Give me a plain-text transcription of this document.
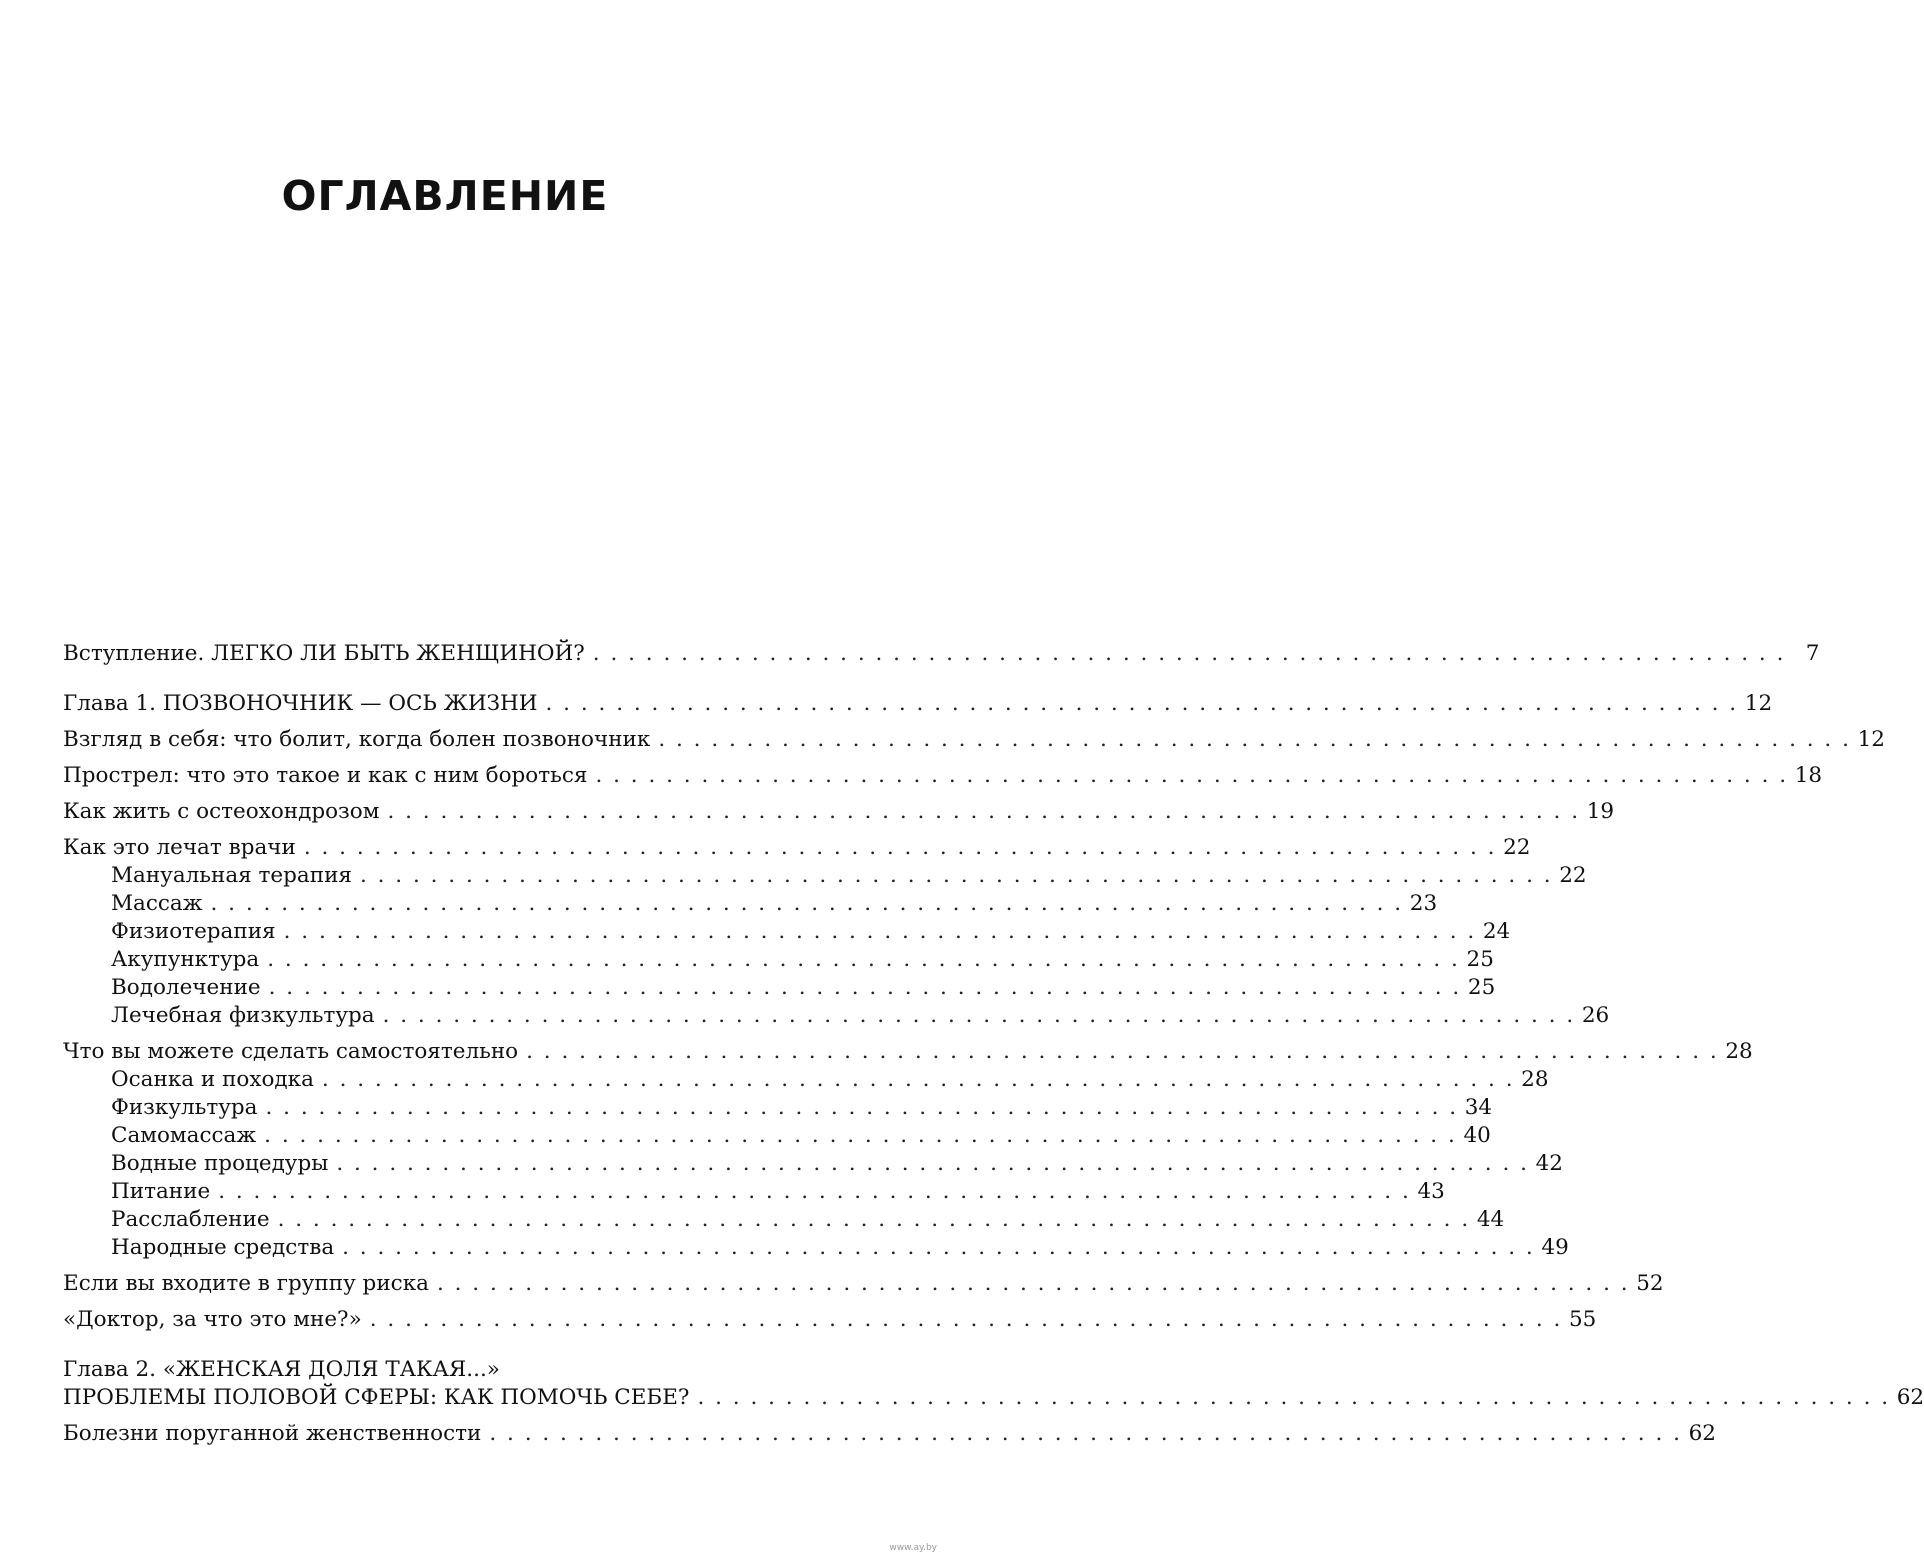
ОГЛАВЛЕНИЕ
Вступление. ЛЕГКО ЛИ БЫТЬ ЖЕНЩИНОЙ? . . . . . . . . . . . . . . . . . . . . . . . . . . . . . . . . . . . . . . . . . . . . . . . . . . . . . . . . . . . . . . . . . . . . 7
Глава 1. ПОЗВОНОЧНИК — ОСЬ ЖИЗНИ . . . . . . . . . . . . . . . . . . . . . . . . . . . . . . . . . . . . . . . . . . . . . . . . . . . . . . . . . . . . . . . . . . . . 12
Взгляд в себя: что болит, когда болен позвоночник . . . . . . . . . . . . . . . . . . . . . . . . . . . . . . . . . . . . . . . . . . . . . . . . . . . . . . . . . . . . . . . . . . . . 12
Прострел: что это такое и как с ним бороться . . . . . . . . . . . . . . . . . . . . . . . . . . . . . . . . . . . . . . . . . . . . . . . . . . . . . . . . . . . . . . . . . . . . 18
Как жить с остеохондрозом . . . . . . . . . . . . . . . . . . . . . . . . . . . . . . . . . . . . . . . . . . . . . . . . . . . . . . . . . . . . . . . . . . . . 19
Как это лечат врачи . . . . . . . . . . . . . . . . . . . . . . . . . . . . . . . . . . . . . . . . . . . . . . . . . . . . . . . . . . . . . . . . . . . . 22
Мануальная терапия . . . . . . . . . . . . . . . . . . . . . . . . . . . . . . . . . . . . . . . . . . . . . . . . . . . . . . . . . . . . . . . . . . . . 22
Массаж . . . . . . . . . . . . . . . . . . . . . . . . . . . . . . . . . . . . . . . . . . . . . . . . . . . . . . . . . . . . . . . . . . . . 23
Физиотерапия . . . . . . . . . . . . . . . . . . . . . . . . . . . . . . . . . . . . . . . . . . . . . . . . . . . . . . . . . . . . . . . . . . . . 24
Акупунктура . . . . . . . . . . . . . . . . . . . . . . . . . . . . . . . . . . . . . . . . . . . . . . . . . . . . . . . . . . . . . . . . . . . . 25
Водолечение . . . . . . . . . . . . . . . . . . . . . . . . . . . . . . . . . . . . . . . . . . . . . . . . . . . . . . . . . . . . . . . . . . . . 25
Лечебная физкультура . . . . . . . . . . . . . . . . . . . . . . . . . . . . . . . . . . . . . . . . . . . . . . . . . . . . . . . . . . . . . . . . . . . . 26
Что вы можете сделать самостоятельно . . . . . . . . . . . . . . . . . . . . . . . . . . . . . . . . . . . . . . . . . . . . . . . . . . . . . . . . . . . . . . . . . . . . 28
Осанка и походка . . . . . . . . . . . . . . . . . . . . . . . . . . . . . . . . . . . . . . . . . . . . . . . . . . . . . . . . . . . . . . . . . . . . 28
Физкультура . . . . . . . . . . . . . . . . . . . . . . . . . . . . . . . . . . . . . . . . . . . . . . . . . . . . . . . . . . . . . . . . . . . . 34
Самомассаж . . . . . . . . . . . . . . . . . . . . . . . . . . . . . . . . . . . . . . . . . . . . . . . . . . . . . . . . . . . . . . . . . . . . 40
Водные процедуры . . . . . . . . . . . . . . . . . . . . . . . . . . . . . . . . . . . . . . . . . . . . . . . . . . . . . . . . . . . . . . . . . . . . 42
Питание . . . . . . . . . . . . . . . . . . . . . . . . . . . . . . . . . . . . . . . . . . . . . . . . . . . . . . . . . . . . . . . . . . . . 43
Расслабление . . . . . . . . . . . . . . . . . . . . . . . . . . . . . . . . . . . . . . . . . . . . . . . . . . . . . . . . . . . . . . . . . . . . 44
Народные средства . . . . . . . . . . . . . . . . . . . . . . . . . . . . . . . . . . . . . . . . . . . . . . . . . . . . . . . . . . . . . . . . . . . . 49
Если вы входите в группу риска . . . . . . . . . . . . . . . . . . . . . . . . . . . . . . . . . . . . . . . . . . . . . . . . . . . . . . . . . . . . . . . . . . . . 52
«Доктор, за что это мне?» . . . . . . . . . . . . . . . . . . . . . . . . . . . . . . . . . . . . . . . . . . . . . . . . . . . . . . . . . . . . . . . . . . . . 55
Глава 2. «ЖЕНСКАЯ ДОЛЯ ТАКАЯ...»
ПРОБЛЕМЫ ПОЛОВОЙ СФЕРЫ: КАК ПОМОЧЬ СЕБЕ? . . . . . . . . . . . . . . . . . . . . . . . . . . . . . . . . . . . . . . . . . . . . . . . . . . . . . . . . . . . . . . . . . . . . 62
Болезни поруганной женственности . . . . . . . . . . . . . . . . . . . . . . . . . . . . . . . . . . . . . . . . . . . . . . . . . . . . . . . . . . . . . . . . . . . . 62
www.ay.by
